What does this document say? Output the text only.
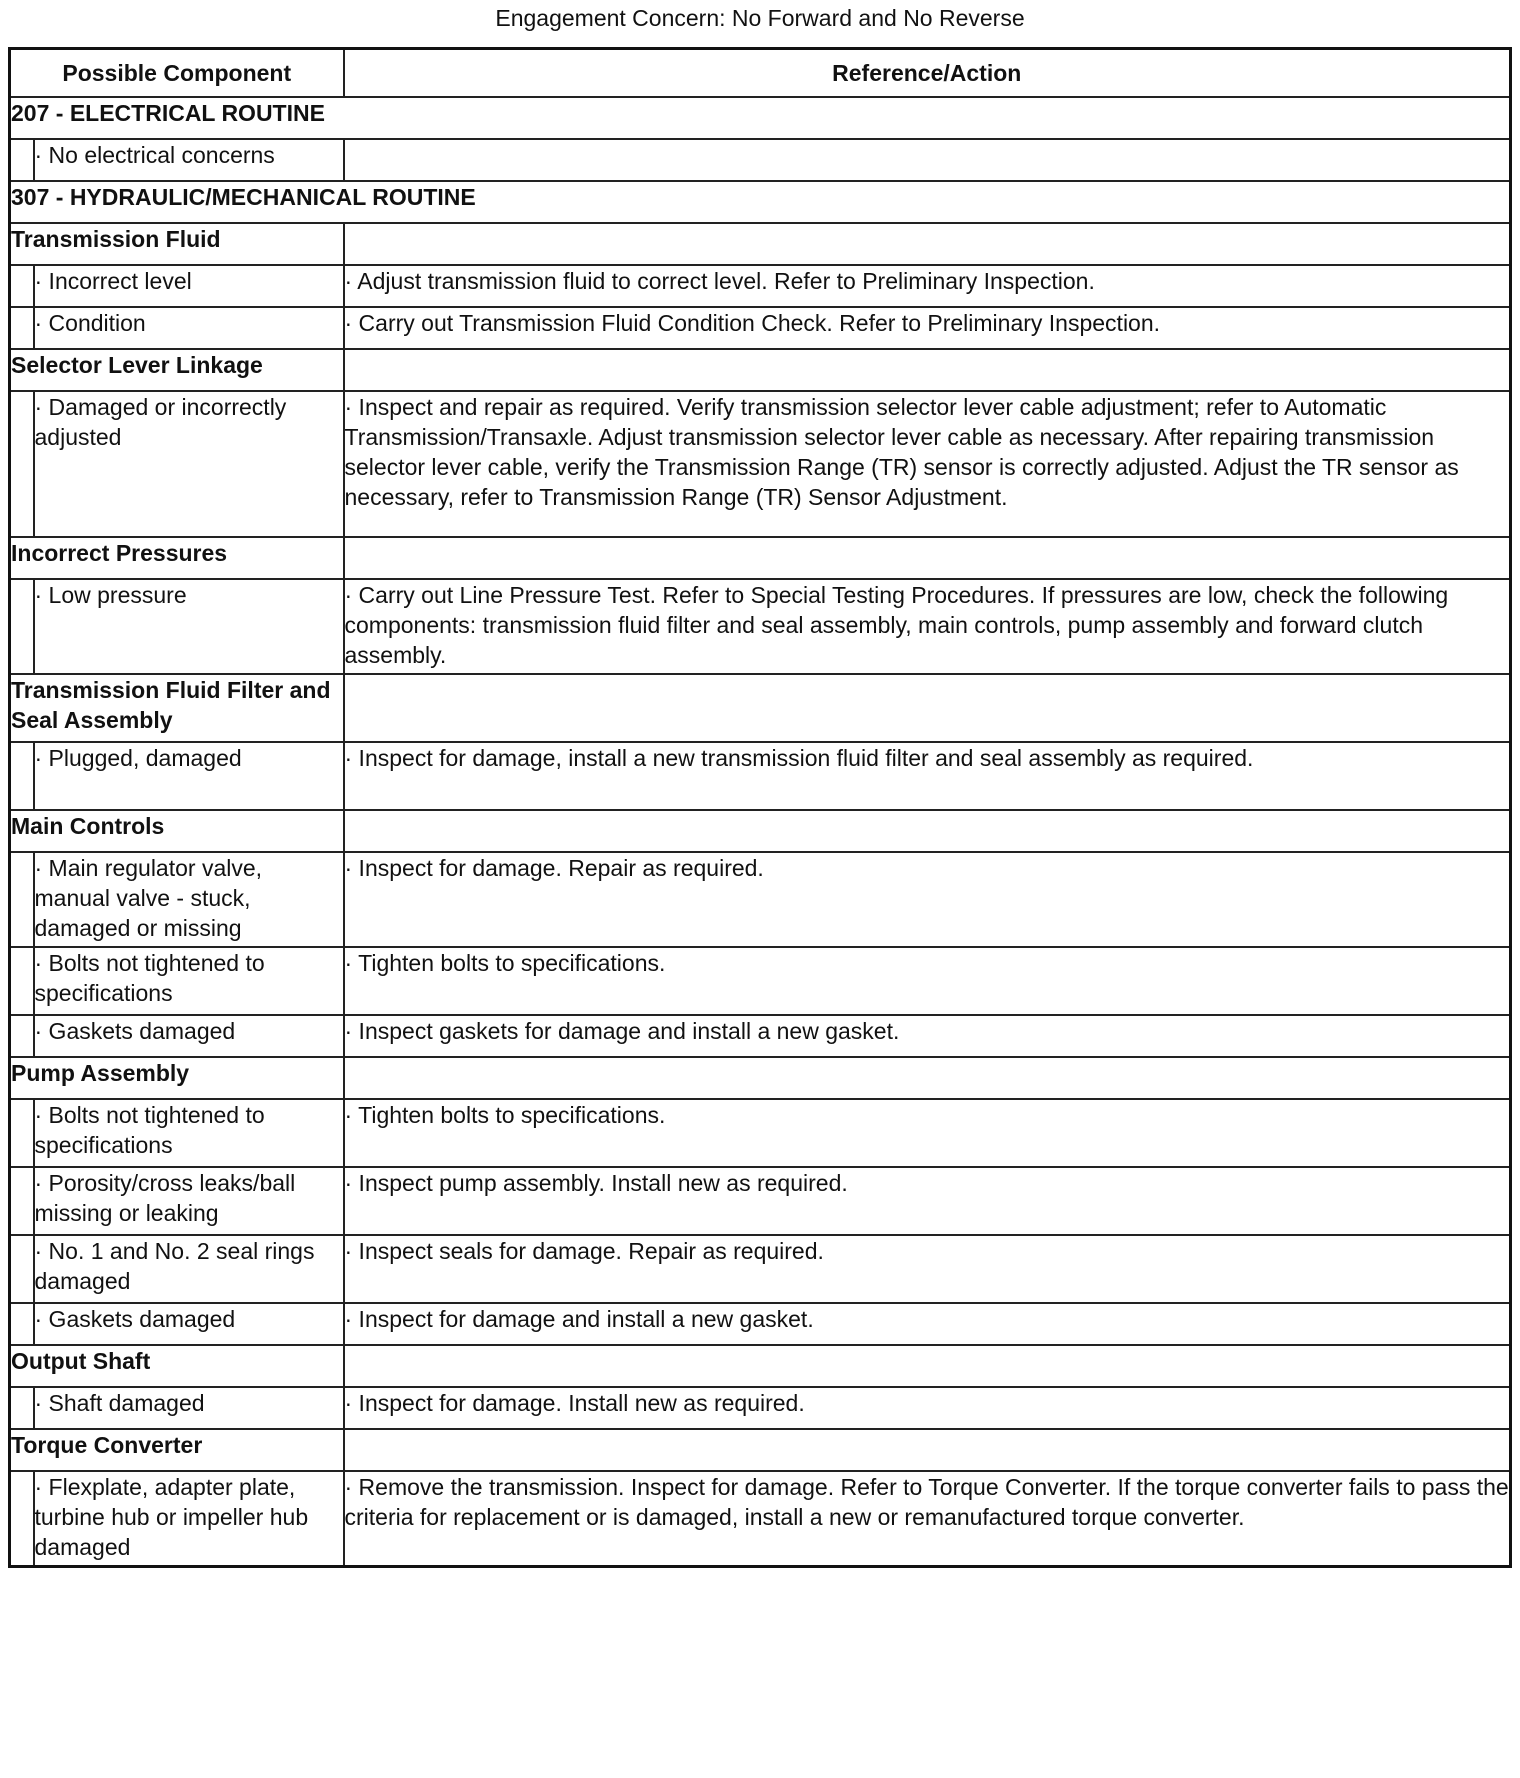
Engagement Concern: No Forward and No Reverse
Possible Component		Reference/Action
207 - ELECTRICAL ROUTINE		
	· No electrical concerns	
307 - HYDRAULIC/MECHANICAL ROUTINE		
Transmission Fluid		
	· Incorrect level	· Adjust transmission fluid to correct level. Refer to Preliminary Inspection.
	· Condition	· Carry out Transmission Fluid Condition Check. Refer to Preliminary Inspection.
Selector Lever Linkage		
	· Damaged or incorrectly adjusted	· Inspect and repair as required. Verify transmission selector lever cable adjustment; refer to Automatic Transmission/Transaxle. Adjust transmission selector lever cable as necessary. After repairing transmission selector lever cable, verify the Transmission Range (TR) sensor is correctly adjusted. Adjust the TR sensor as necessary, refer to Transmission Range (TR) Sensor Adjustment.
Incorrect Pressures		
	· Low pressure	· Carry out Line Pressure Test. Refer to Special Testing Procedures. If pressures are low, check the following components: transmission fluid filter and seal assembly, main controls, pump assembly and forward clutch assembly.
Transmission Fluid Filter and Seal Assembly		
	· Plugged, damaged	· Inspect for damage, install a new transmission fluid filter and seal assembly as required.
Main Controls		
	· Main regulator valve, manual valve - stuck, damaged or missing	· Inspect for damage. Repair as required.
	· Bolts not tightened to specifications	· Tighten bolts to specifications.
	· Gaskets damaged	· Inspect gaskets for damage and install a new gasket.
Pump Assembly		
	· Bolts not tightened to specifications	· Tighten bolts to specifications.
	· Porosity/cross leaks/ball missing or leaking	· Inspect pump assembly. Install new as required.
	· No. 1 and No. 2 seal rings damaged	· Inspect seals for damage. Repair as required.
	· Gaskets damaged	· Inspect for damage and install a new gasket.
Output Shaft		
	· Shaft damaged	· Inspect for damage. Install new as required.
Torque Converter		
	· Flexplate, adapter plate, turbine hub or impeller hub damaged	· Remove the transmission. Inspect for damage. Refer to Torque Converter. If the torque converter fails to pass the criteria for replacement or is damaged, install a new or remanufactured torque converter.
